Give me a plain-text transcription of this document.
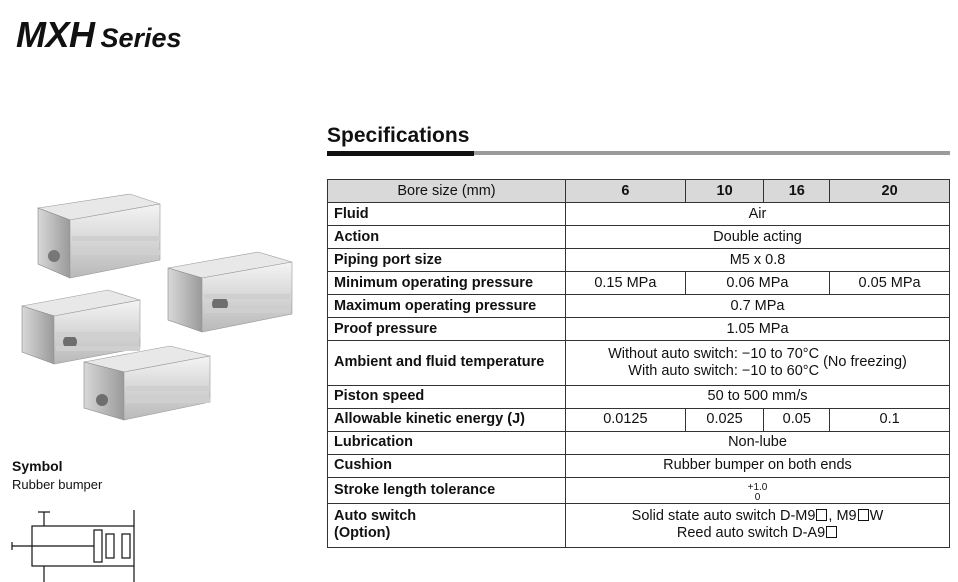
MXH Series
Specifications
Bore size (mm)	6	10	16	20
Fluid	Air			
Action	Double acting			
Piping port size	M5 x 0.8			
Minimum operating pressure	0.15 MPa	0.06 MPa		0.05 MPa
Maximum operating pressure	0.7 MPa			
Proof pressure	1.05 MPa			
Ambient and fluid temperature	Without auto switch: −10 to 70°C
With auto switch: −10 to 60°C
(No freezing)			

Piston speed	50 to 500 mm/s			
Allowable kinetic energy (J)	0.0125	0.025	0.05	0.1
Lubrication	Non-lube			
Cushion	Rubber bumper on both ends			
Stroke length tolerance	+1.0
0			

Auto switch
(Option)	Solid state auto switch D-M9 , M9 W
Reed auto switch D-A9			
Symbol

Rubber bumper
